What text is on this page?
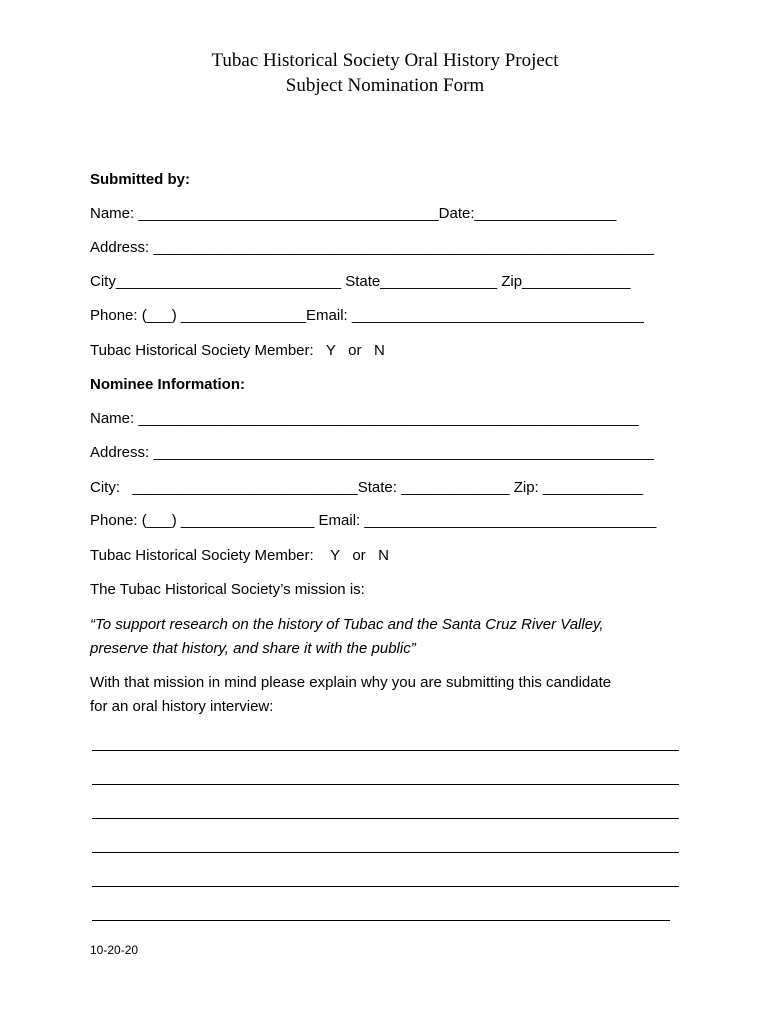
Tubac Historical Society Oral History Project
Subject Nomination Form
Submitted by:
Name: ____________________________________Date:_________________
Address: ____________________________________________________________
City___________________________ State______________ Zip_____________
Phone: (___) _______________Email: ___________________________________
Tubac Historical Society Member:   Y   or   N
Nominee Information:
Name: ____________________________________________________________
Address: ____________________________________________________________
City:   ___________________________State: _____________ Zip: ____________
Phone: (___) ________________ Email: ___________________________________
Tubac Historical Society Member:    Y   or   N
The Tubac Historical Society’s mission is:
“To support research on the history of Tubac and the Santa Cruz River Valley,
preserve that history, and share it with the public”
With that mission in mind please explain why you are submitting this candidate
for an oral history interview:
10-20-20
